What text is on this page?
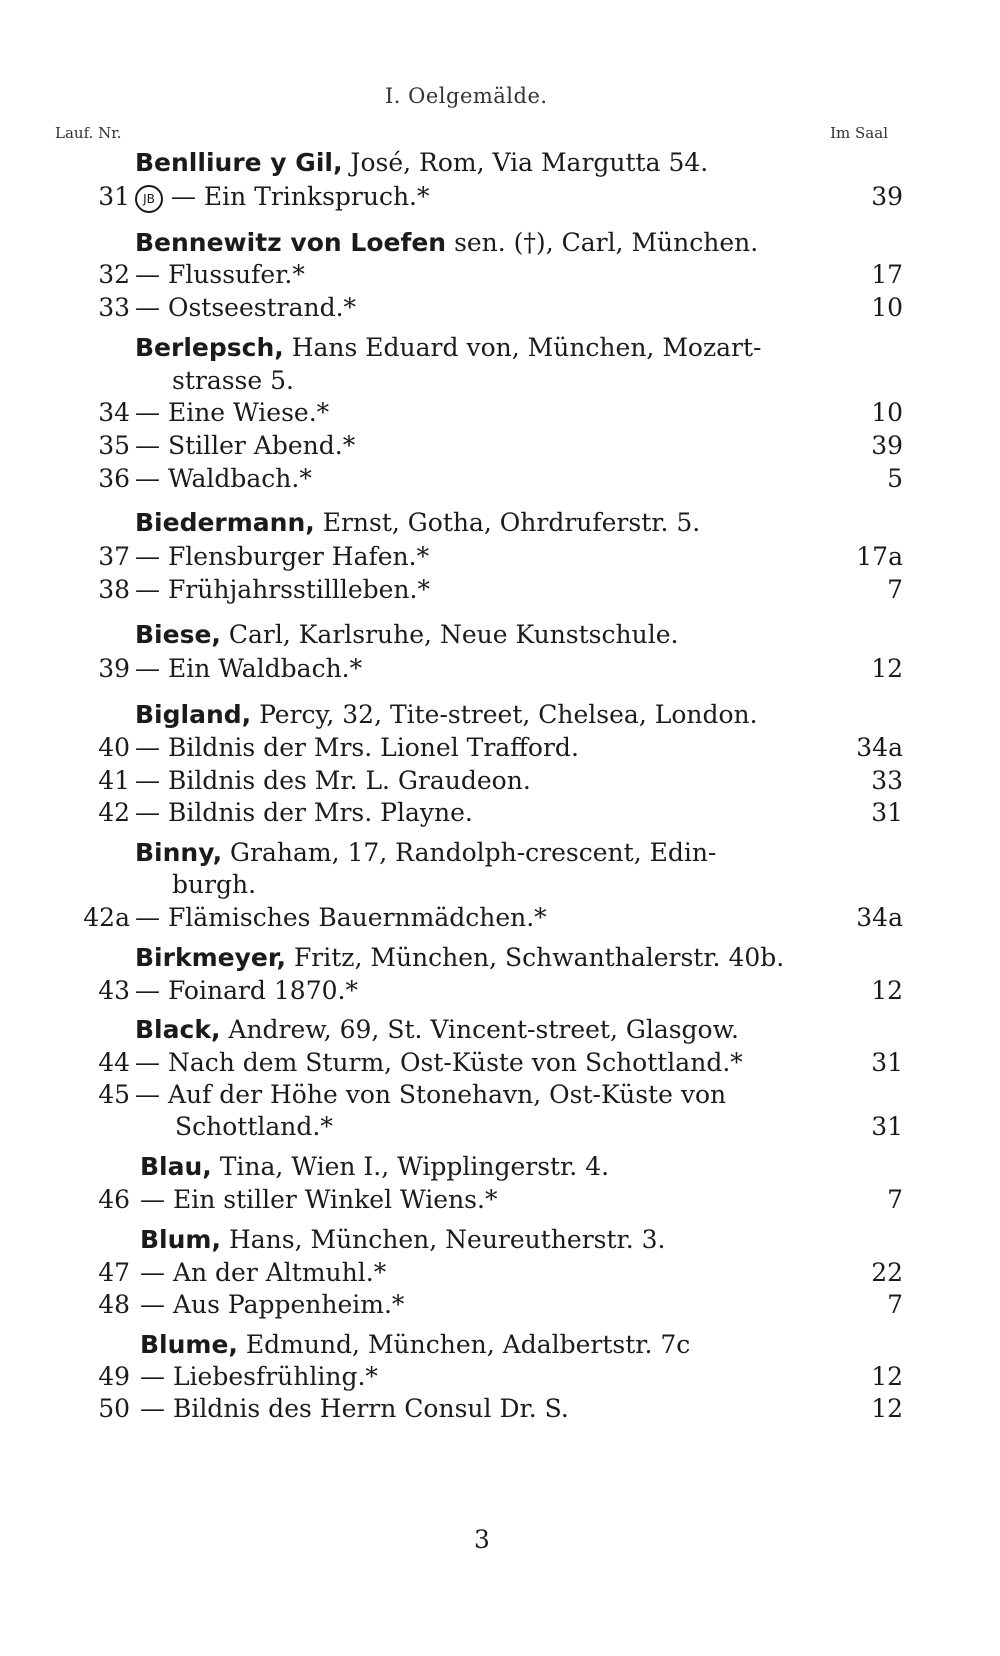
I. Oelgemälde.
Lauf. Nr.	Im Saal
Benlliure y Gil, José, Rom, Via Margutta 54.
31	JB — Ein Trinkspruch.*	39
Bennewitz von Loefen sen. (†), Carl, München.
32 — Flussufer.*	17
33 — Ostseestrand.*	10
Berlepsch, Hans Eduard von, München, Mozart-
strasse 5.
34 — Eine Wiese.*	10
35 — Stiller Abend.*	39
36 — Waldbach.*	5
Biedermann, Ernst, Gotha, Ohrdruferstr. 5.
37 — Flensburger Hafen.*	17a
38 — Frühjahrsstillleben.*	7
Biese, Carl, Karlsruhe, Neue Kunstschule.
39 — Ein Waldbach.*	12
Bigland, Percy, 32, Tite-street, Chelsea, London.
40 — Bildnis der Mrs. Lionel Trafford.	34a
41 — Bildnis des Mr. L. Graudeon.	33
42 — Bildnis der Mrs. Playne.	31
Binny, Graham, 17, Randolph-crescent, Edin-
burgh.
42a — Flämisches Bauernmädchen.*	34a
Birkmeyer, Fritz, München, Schwanthalerstr. 40b.
43 — Foinard 1870.*	12
Black, Andrew, 69, St. Vincent-street, Glasgow.
44 — Nach dem Sturm, Ost-Küste von Schottland.*	31
45 — Auf der Höhe von Stonehavn, Ost-Küste von
Schottland.*	31
Blau, Tina, Wien I., Wipplingerstr. 4.
46 — Ein stiller Winkel Wiens.*	7
Blum, Hans, München, Neureutherstr. 3.
47 — An der Altmuhl.*	22
48 — Aus Pappenheim.*	7
Blume, Edmund, München, Adalbertstr. 7c
49 — Liebesfrühling.*	12
50 — Bildnis des Herrn Consul Dr. S.	12
3
